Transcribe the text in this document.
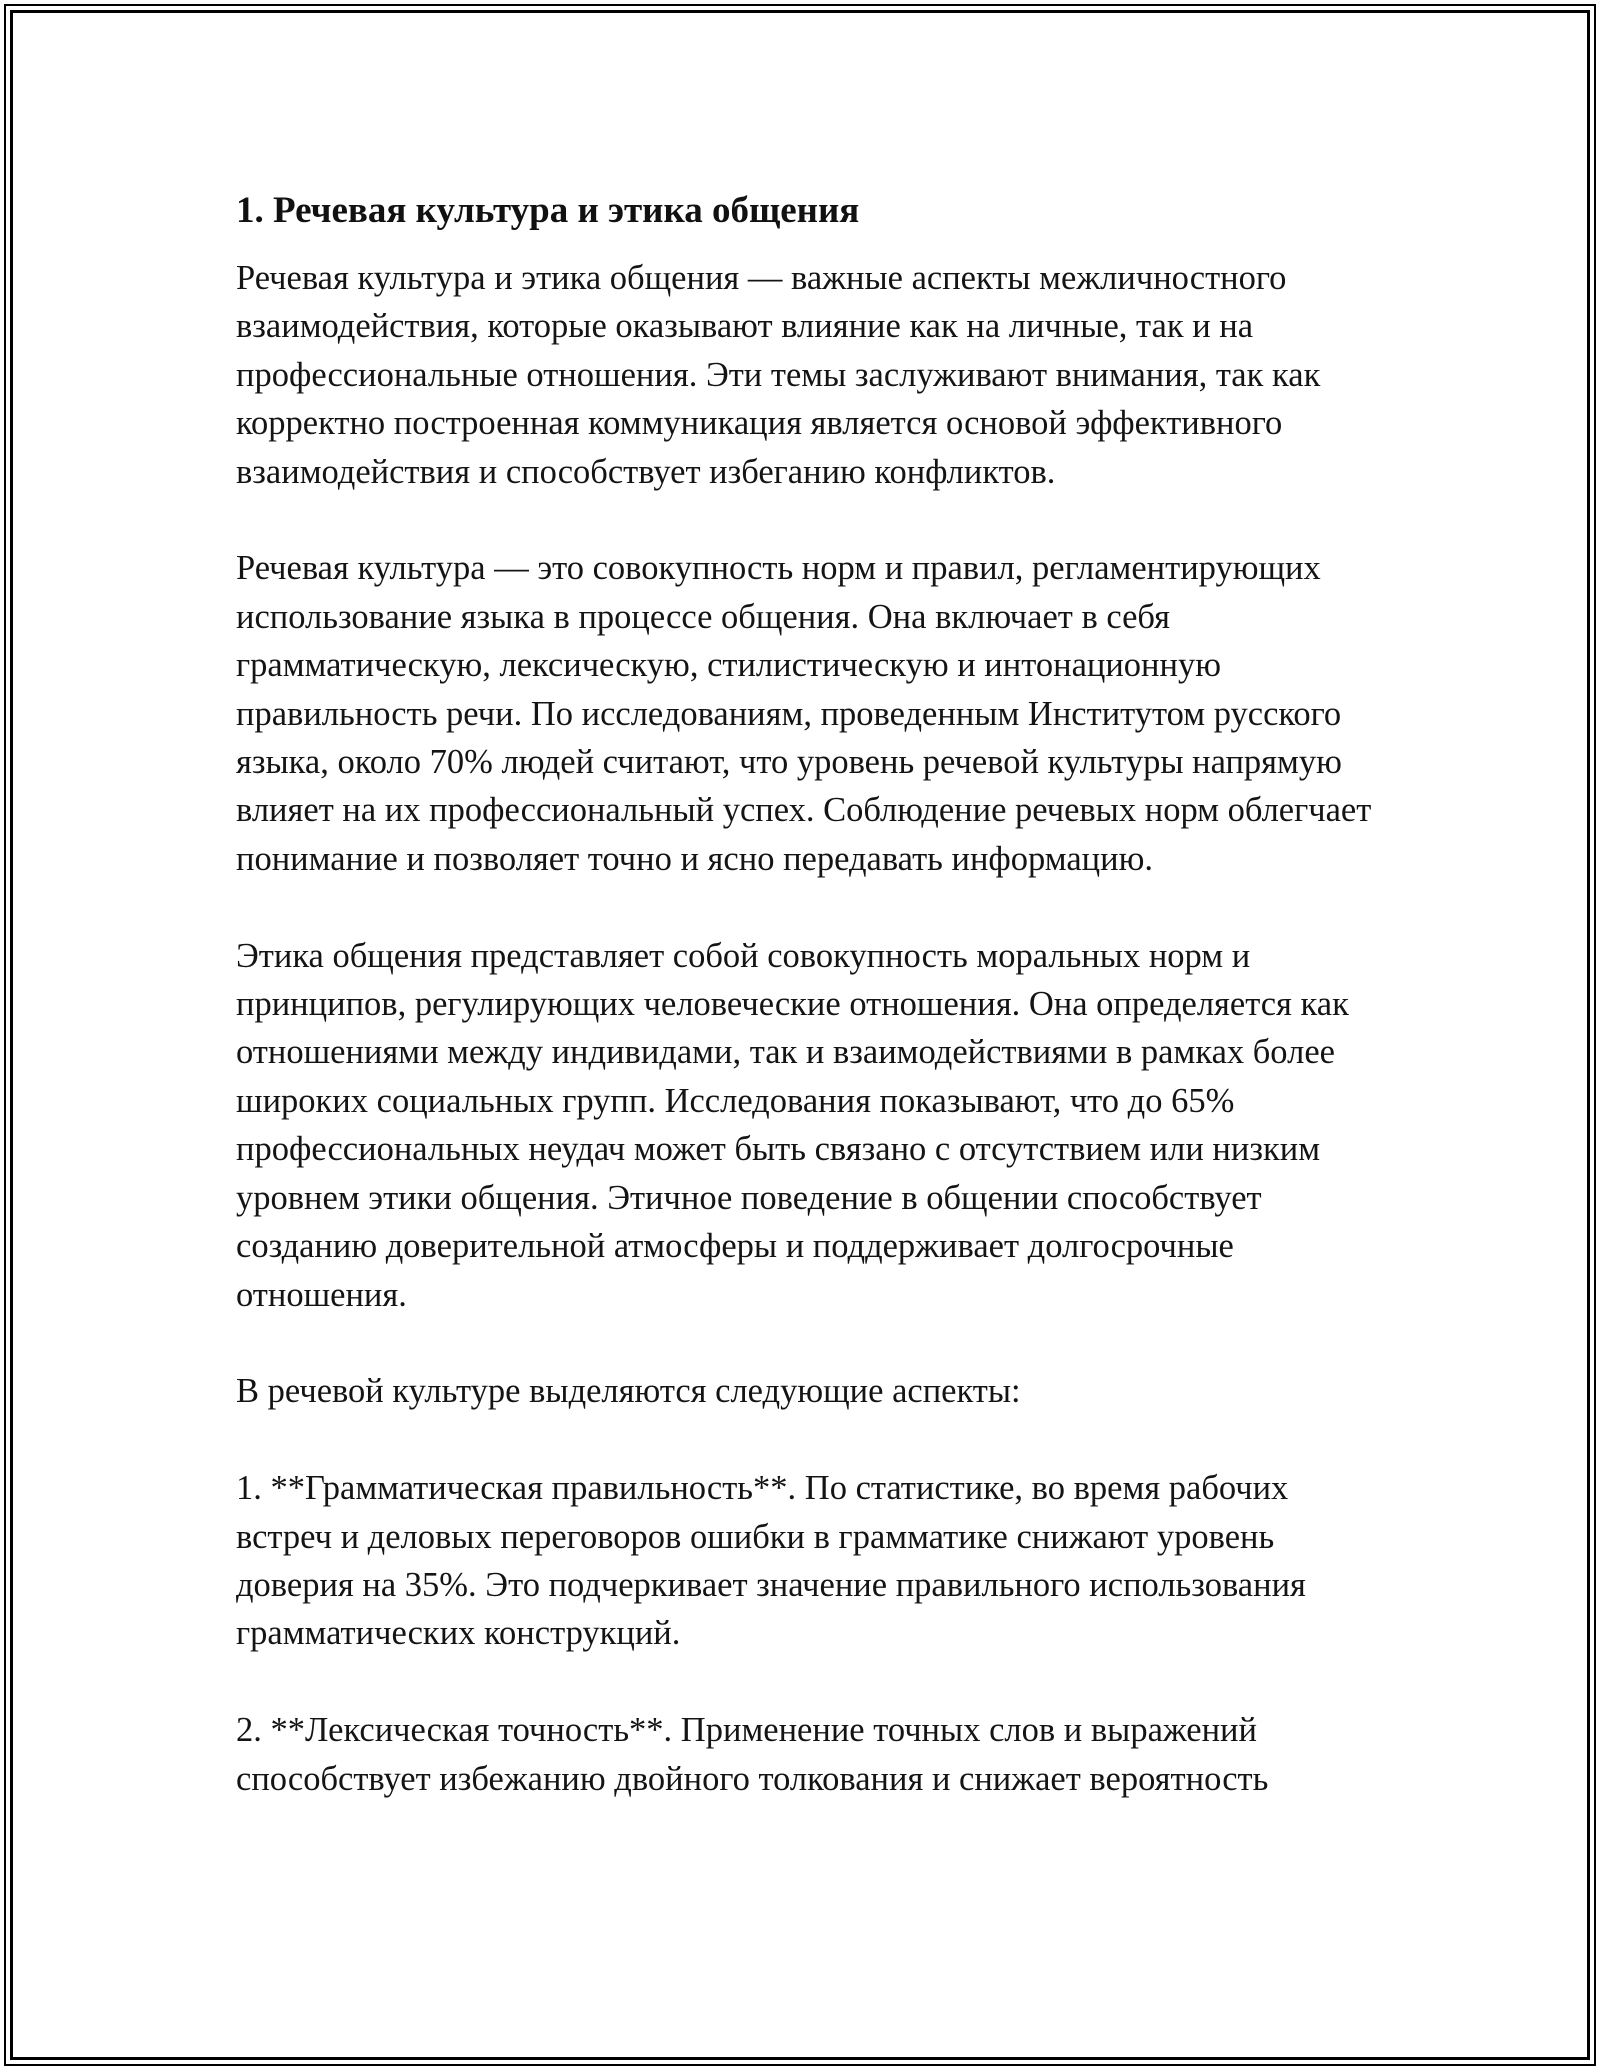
1. Речевая культура и этика общения

Речевая культура и этика общения — важные аспекты межличностного взаимодействия, которые оказывают влияние как на личные, так и на профессиональные отношения. Эти темы заслуживают внимания, так как корректно построенная коммуникация является основой эффективного взаимодействия и способствует избеганию конфликтов.

Речевая культура — это совокупность норм и правил, регламентирующих использование языка в процессе общения. Она включает в себя грамматическую, лексическую, стилистическую и интонационную правильность речи. По исследованиям, проведенным Институтом русского языка, около 70% людей считают, что уровень речевой культуры напрямую влияет на их профессиональный успех. Соблюдение речевых норм облегчает понимание и позволяет точно и ясно передавать информацию.

Этика общения представляет собой совокупность моральных норм и принципов, регулирующих человеческие отношения. Она определяется как отношениями между индивидами, так и взаимодействиями в рамках более широких социальных групп. Исследования показывают, что до 65% профессиональных неудач может быть связано с отсутствием или низким уровнем этики общения. Этичное поведение в общении способствует созданию доверительной атмосферы и поддерживает долгосрочные отношения.

В речевой культуре выделяются следующие аспекты:

1. **Грамматическая правильность**. По статистике, во время рабочих встреч и деловых переговоров ошибки в грамматике снижают уровень доверия на 35%. Это подчеркивает значение правильного использования грамматических конструкций.

2. **Лексическая точность**. Применение точных слов и выражений способствует избежанию двойного толкования и снижает вероятность
